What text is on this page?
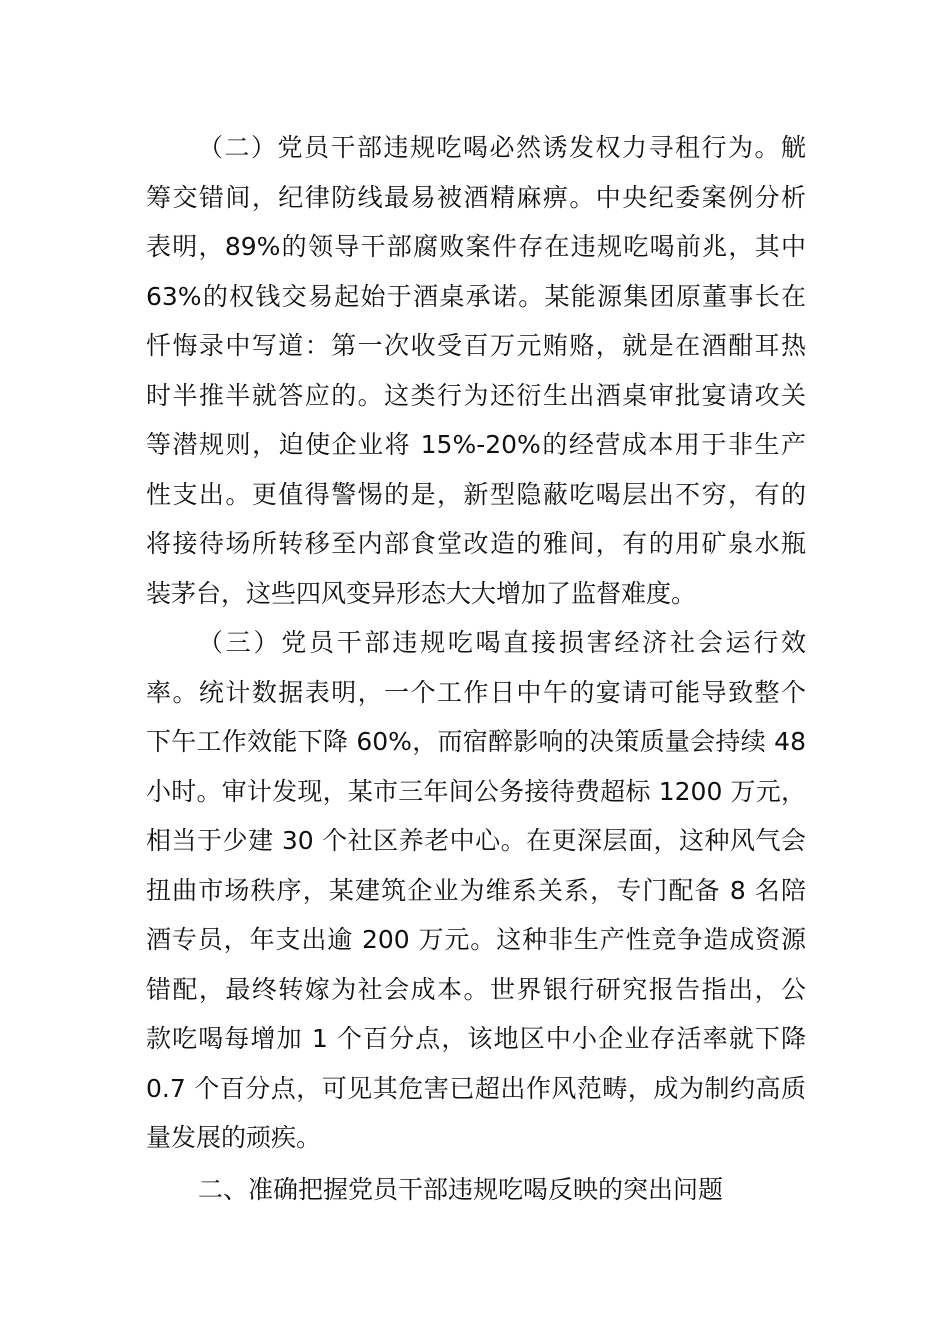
（二）党员干部违规吃喝必然诱发权力寻租行为。觥
筹交错间，纪律防线最易被酒精麻痹。中央纪委案例分析
表明，89%的领导干部腐败案件存在违规吃喝前兆，其中
63%的权钱交易起始于酒桌承诺。某能源集团原董事长在
忏悔录中写道：第一次收受百万元贿赂，就是在酒酣耳热
时半推半就答应的。这类行为还衍生出酒桌审批宴请攻关
等潜规则，迫使企业将 15%-20%的经营成本用于非生产
性支出。更值得警惕的是，新型隐蔽吃喝层出不穷，有的
将接待场所转移至内部食堂改造的雅间，有的用矿泉水瓶
装茅台，这些四风变异形态大大增加了监督难度。
（三）党员干部违规吃喝直接损害经济社会运行效
率。统计数据表明，一个工作日中午的宴请可能导致整个
下午工作效能下降 60%，而宿醉影响的决策质量会持续 48
小时。审计发现，某市三年间公务接待费超标 1200 万元，
相当于少建 30 个社区养老中心。在更深层面，这种风气会
扭曲市场秩序，某建筑企业为维系关系，专门配备 8 名陪
酒专员，年支出逾 200 万元。这种非生产性竞争造成资源
错配，最终转嫁为社会成本。世界银行研究报告指出，公
款吃喝每增加 1 个百分点，该地区中小企业存活率就下降
0.7 个百分点，可见其危害已超出作风范畴，成为制约高质
量发展的顽疾。
二、准确把握党员干部违规吃喝反映的突出问题
